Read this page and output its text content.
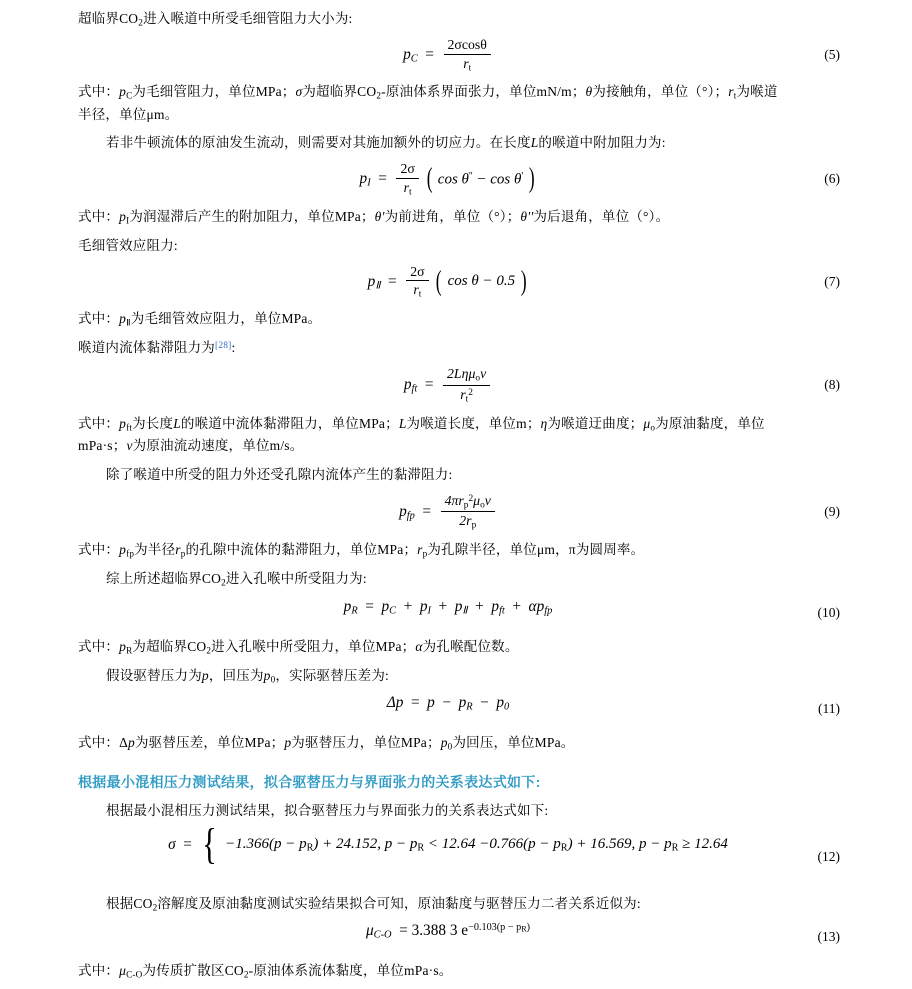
超临界$CO_2$进入喉道中所受毛细管阻力大小为:

$p_C = \frac{2\sigma\cos\theta}{r_t}$	(5)

式中：$p_C$为毛细管阻力，单位MPa；σ为超临界$CO_2-$原油体系界面张力，单位mN/m；θ为接触角，单位（°）；$r_t$为喉道
半径，单位μm。

若非牛顿流体的原油发生流动，则需要对其施加额外的切应力。在长度L的喉道中附加阻力为:

$p_I = \frac{2\sigma}{r_t}$ ( cos θ'' − cos θ' )	(6)

式中：$p_I$为润湿滞后产生的附加阻力，单位MPa；θ'为前进角，单位（°）；θ''为后退角，单位（°）。

毛细管效应阻力:

$p_Ⅱ = \frac{2\sigma}{r_t}$ ( cos θ − 0.5 )	(7)

式中：$p_Ⅱ$为毛细管效应阻力，单位MPa。

喉道内流体黏滞阻力为[28]:

$p_{ft} = \frac{2L\eta\mu_ov}{r_t^2}$	(8)

式中：$p_{ft}$为长度L的喉道中流体黏滞阻力，单位MPa；L为喉道长度，单位m；η为喉道迂曲度；$\mu_o$为原油黏度，单位
mPa·s；v为原油流动速度，单位m/s。

除了喉道中所受的阻力外还受孔隙内流体产生的黏滞阻力:

$p_{fp} = \frac{4\pi r_p^2\mu_ov}{2r_p}$	(9)

式中：$p_{fp}$为半径$r_p$的孔隙中流体的黏滞阻力，单位MPa；$r_p$为孔隙半径，单位μm，π为圆周率。

综上所述超临界$CO_2$进入孔喉中所受阻力为:

$p_R = p_C + p_I + p_Ⅱ + p_{ft} + \alpha p_{fp}$	(10)

式中：$p_R$为超临界$CO_2$进入孔喉中所受阻力，单位MPa；α为孔喉配位数。

假设驱替压力为p，回压为$p_0$，实际驱替压差为:

$\Delta p = p - p_R - p_0$	(11)

式中：Δp为驱替压差，单位MPa；p为驱替压力，单位MPa；$p_0$为回压，单位MPa。

根据最小混相压力测试结果，拟合驱替压力与界面张力的关系表达式如下:

根据最小混相压力测试结果，拟合驱替压力与界面张力的关系表达式如下:

σ  =  { $-1.366(p - p_R) + 24.152$, $p - p_R < 12.64 -0.766(p - p_R) + 16.569$, $p - p_R \ge 12.64$
(12)

根据$CO_2$溶解度及原油黏度测试实验结果拟合可知，原油黏度与驱替压力二者关系近似为:

$\mu_{C-O} = 3.388$ 3 $e^{-0.103(p - pR)}$
(13)

式中：$\mu_{C-O}$为传质扩散区$CO_2-$原油体系流体黏度，单位mPa·s。
